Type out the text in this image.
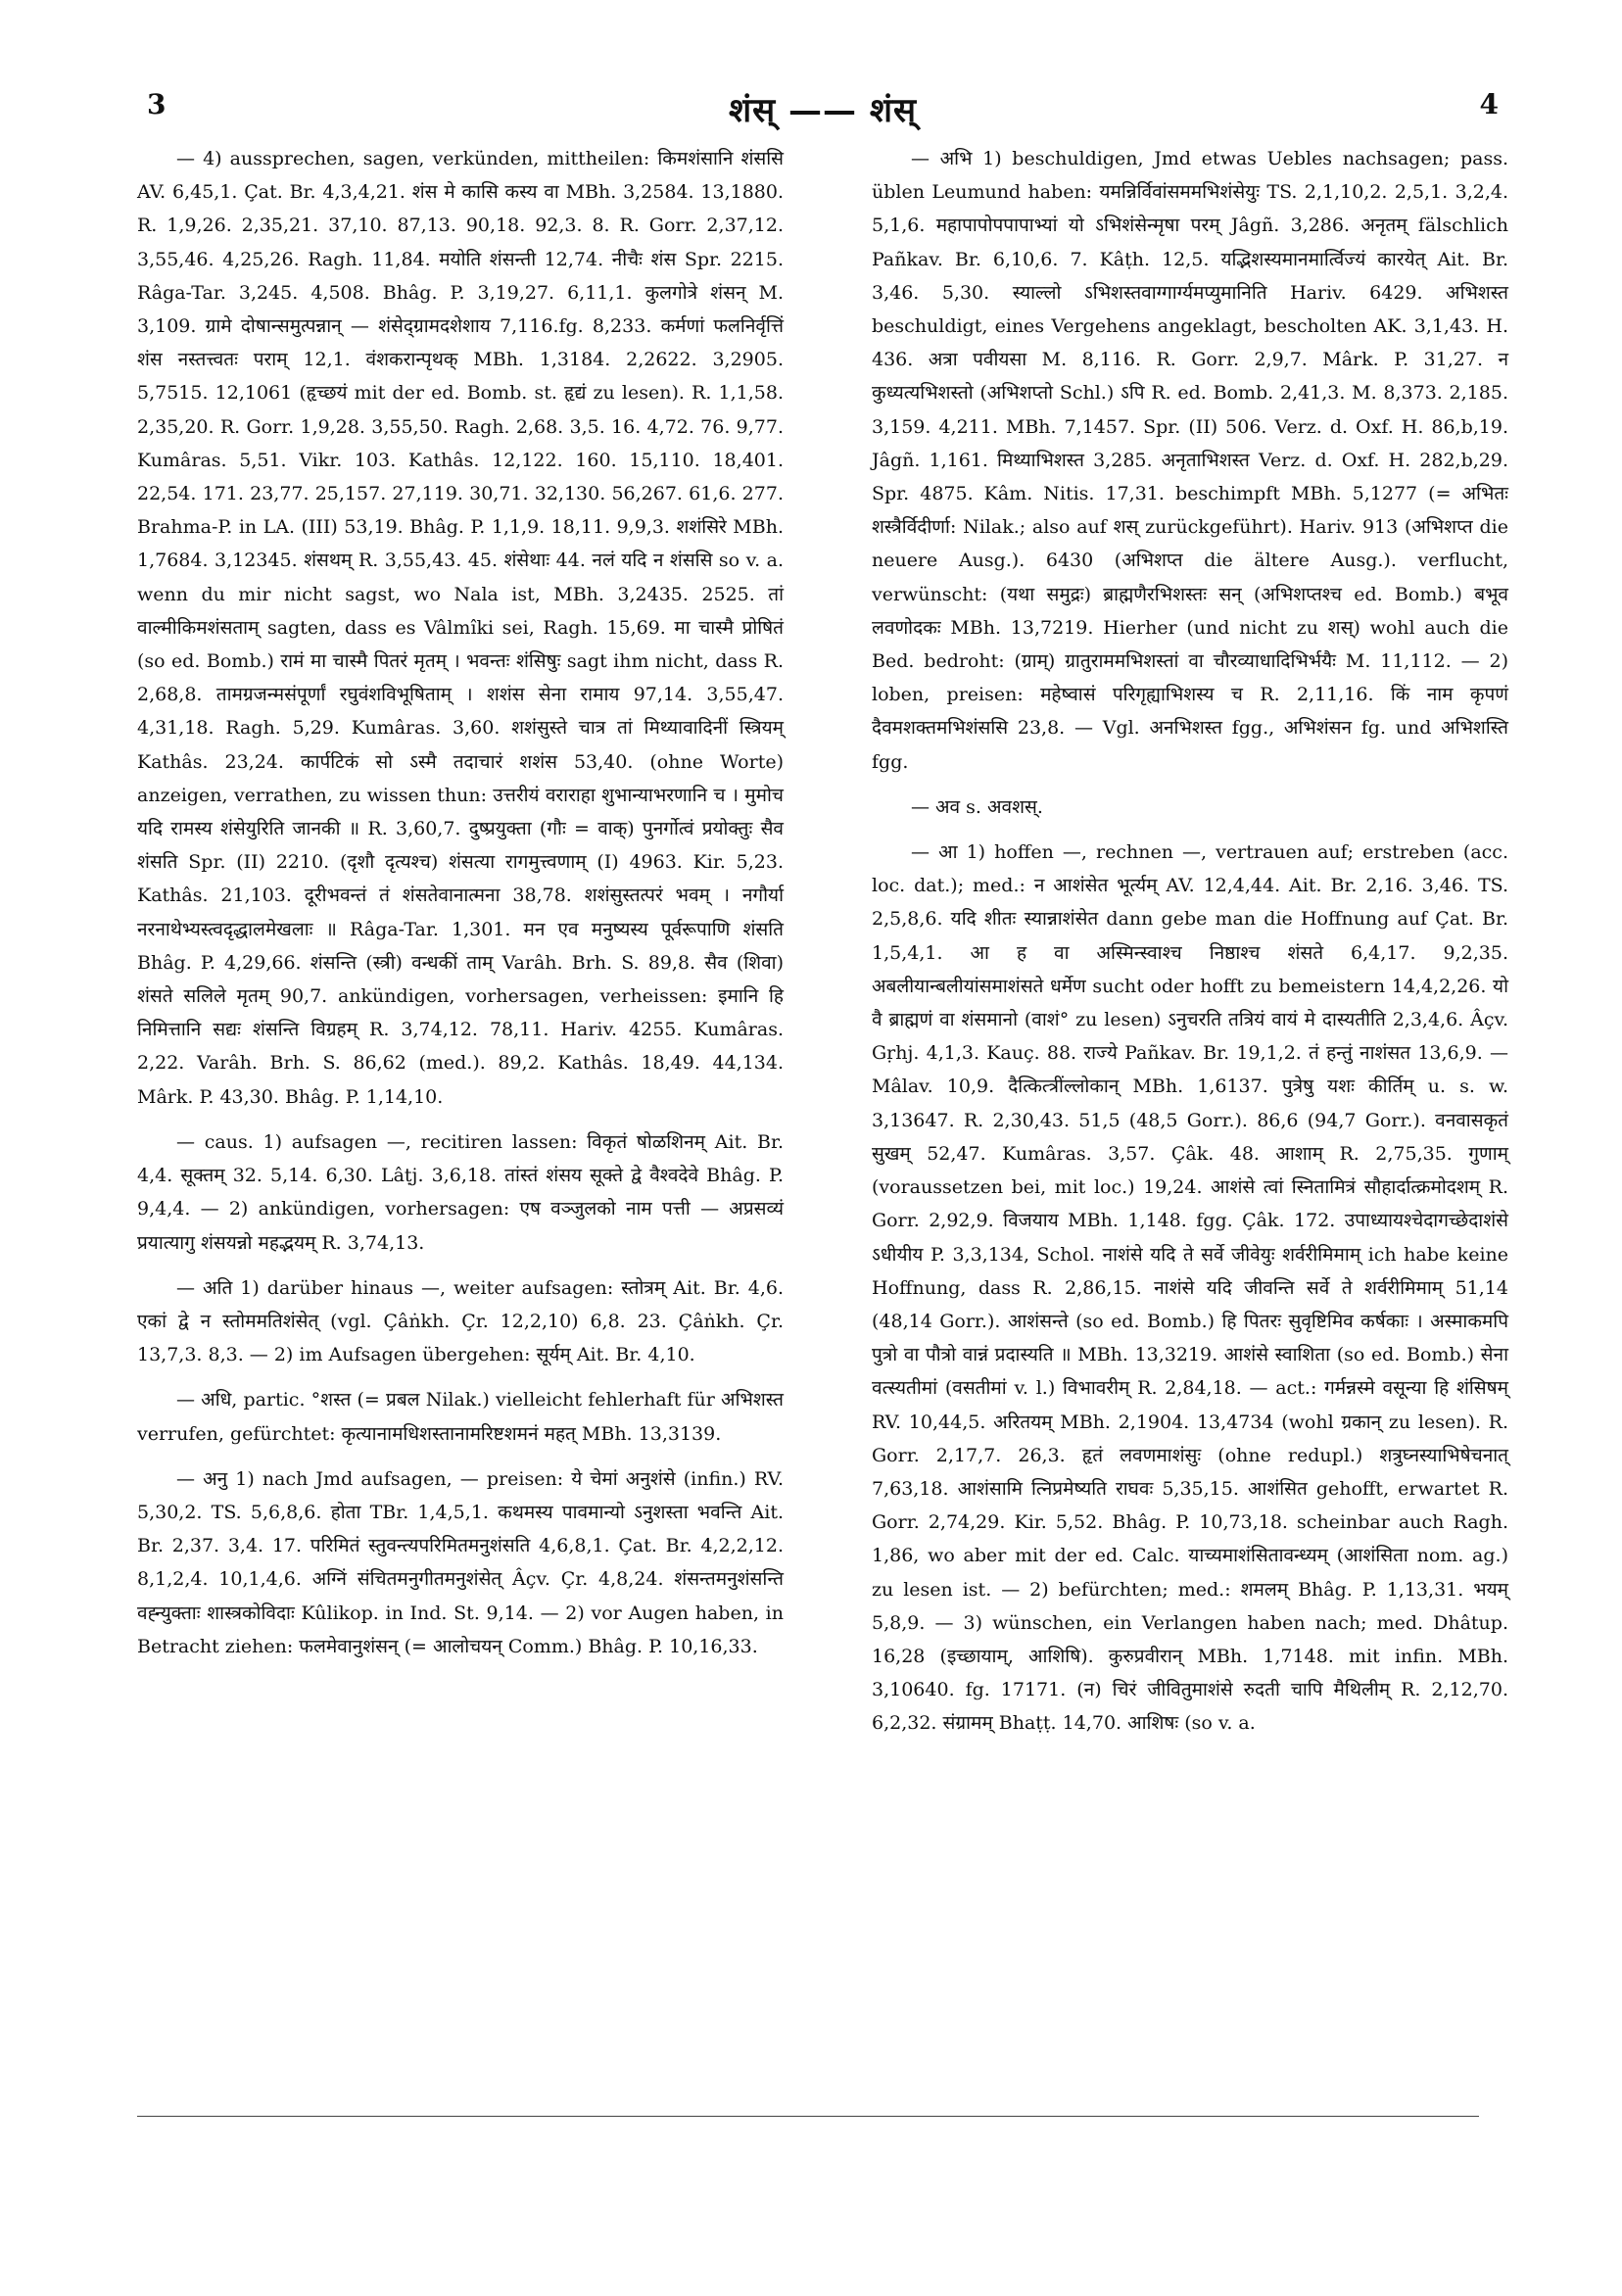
3	शंस् —— शंस्	4

— 4) aussprechen, sagen, verkünden, mittheilen: किमशंसानि शंससि AV. 6,45,1. Çat. Br. 4,3,4,21. शंस मे कासि कस्य वा MBh. 3,2584. 13,1880. R. 1,9,26. 2,35,21. 37,10. 87,13. 90,18. 92,3. 8. R. Gorr. 2,37,12. 3,55,46. 4,25,26. Ragh. 11,84. मयोति शंसन्ती 12,74. नीचैः शंस Spr. 2215. Râga-Tar. 3,245. 4,508. Bhâg. P. 3,19,27. 6,11,1. कुलगोत्रे शंसन् M. 3,109. ग्रामे दोषान्समुत्पन्नान् — शंसेद्ग्रामदशेशाय 7,116.fg. 8,233. कर्मणां फलनिर्वृत्तिं शंस नस्तत्त्वतः पराम् 12,1. वंशकरान्पृथक् MBh. 1,3184. 2,2622. 3,2905. 5,7515. 12,1061 (हृच्छयं mit der ed. Bomb. st. हृद्यं zu lesen). R. 1,1,58. 2,35,20. R. Gorr. 1,9,28. 3,55,50. Ragh. 2,68. 3,5. 16. 4,72. 76. 9,77. Kumâras. 5,51. Vikr. 103. Kathâs. 12,122. 160. 15,110. 18,401. 22,54. 171. 23,77. 25,157. 27,119. 30,71. 32,130. 56,267. 61,6. 277. Brahma-P. in LA. (III) 53,19. Bhâg. P. 1,1,9. 18,11. 9,9,3. शशंसिरे MBh. 1,7684. 3,12345. शंसथम् R. 3,55,43. 45. शंसेथाः 44. नलं यदि न शंससि so v. a. wenn du mir nicht sagst, wo Nala ist, MBh. 3,2435. 2525. तां वाल्मीकिमशंसताम् sagten, dass es Vâlmîki sei, Ragh. 15,69. मा चास्मै प्रोषितं (so ed. Bomb.) रामं मा चास्मै पितरं मृतम् । भवन्तः शंसिषुः sagt ihm nicht, dass R. 2,68,8. तामग्रजन्मसंपूर्णां रघुवंशविभूषिताम् । शशंस सेना रामाय 97,14. 3,55,47. 4,31,18. Ragh. 5,29. Kumâras. 3,60. शशंसुस्ते चात्र तां मिथ्यावादिनीं स्त्रियम् Kathâs. 23,24. कार्पटिकं सो ऽस्मै तदाचारं शशंस 53,40. (ohne Worte) anzeigen, verrathen, zu wissen thun: उत्तरीयं वराराहा शुभान्याभरणानि च । मुमोच यदि रामस्य शंसेयुरिति जानकी ॥ R. 3,60,7. दुष्प्रयुक्ता (गौः = वाक्) पुनर्गोत्वं प्रयोक्तुः सैव शंसति Spr. (II) 2210. (दृशौ दृत्यश्च) शंसत्या रागमुत्त्वणाम् (I) 4963. Kir. 5,23. Kathâs. 21,103. दूरीभवन्तं तं शंसतेवानात्मना 38,78. शशंसुस्तत्परं भवम् । नगौर्या नरनाथेभ्यस्त्वदृद्धालमेखलाः ॥ Râga-Tar. 1,301. मन एव मनुष्यस्य पूर्वरूपाणि शंसति Bhâg. P. 4,29,66. शंसन्ति (स्त्री) वन्धकीं ताम् Varâh. Brh. S. 89,8. सैव (शिवा) शंसते सलिले मृतम् 90,7. ankündigen, vorhersagen, verheissen: इमानि हि निमित्तानि सद्यः शंसन्ति विग्रहम् R. 3,74,12. 78,11. Hariv. 4255. Kumâras. 2,22. Varâh. Brh. S. 86,62 (med.). 89,2. Kathâs. 18,49. 44,134. Mârk. P. 43,30. Bhâg. P. 1,14,10.

— caus. 1) aufsagen —, recitiren lassen: विकृतं षोळशिनम् Ait. Br. 4,4. सूक्तम् 32. 5,14. 6,30. Lâṭj. 3,6,18. तांस्तं शंसय सूक्ते द्वे वैश्वदेवे Bhâg. P. 9,4,4. — 2) ankündigen, vorhersagen: एष वञ्जुलको नाम पत्ती — अप्रसव्यं प्रयात्यागु शंसयन्नो महद्भयम् R. 3,74,13.

— अति 1) darüber hinaus —, weiter aufsagen: स्तोत्रम् Ait. Br. 4,6. एकां द्वे न स्तोममतिशंसेत् (vgl. Çâṅkh. Çr. 12,2,10) 6,8. 23. Çâṅkh. Çr. 13,7,3. 8,3. — 2) im Aufsagen übergehen: सूर्यम् Ait. Br. 4,10.

— अधि, partic. °शस्त (= प्रबल Nilak.) vielleicht fehlerhaft für अभिशस्त verrufen, gefürchtet: कृत्यानामधिशस्तानामरिष्टशमनं महत् MBh. 13,3139.

— अनु 1) nach Jmd aufsagen, — preisen: ये चेमां अनुशंसे (infin.) RV. 5,30,2. TS. 5,6,8,6. होता TBr. 1,4,5,1. कथमस्य पावमान्यो ऽनुशस्ता भवन्ति Ait. Br. 2,37. 3,4. 17. परिमितं स्तुवन्त्यपरिमितमनुशंसति 4,6,8,1. Çat. Br. 4,2,2,12. 8,1,2,4. 10,1,4,6. अग्निं संचितमनुगीतमनुशंसेत् Âçv. Çr. 4,8,24. शंसन्तमनुशंसन्ति वह्न्युक्ताः शास्त्रकोविदाः Kûlikop. in Ind. St. 9,14. — 2) vor Augen haben, in Betracht ziehen: फलमेवानुशंसन् (= आलोचयन् Comm.) Bhâg. P. 10,16,33.

— अभि 1) beschuldigen, Jmd etwas Uebles nachsagen; pass. üblen Leumund haben: यमन्निर्विवांसममभिशंसेयुः TS. 2,1,10,2. 2,5,1. 3,2,4. 5,1,6. महापापोपपापाभ्यां यो ऽभिशंसेन्मृषा परम् Jâgñ. 3,286. अनृतम् fälschlich Pañkav. Br. 6,10,6. 7. Kâṭh. 12,5. यद्भिशस्यमानमार्त्विज्यं कारयेत् Ait. Br. 3,46. 5,30. स्याल्लो ऽभिशस्तवाग्गार्ग्यमप्युमानिति Hariv. 6429. अभिशस्त beschuldigt, eines Vergehens angeklagt, bescholten AK. 3,1,43. H. 436. अत्रा पवीयसा M. 8,116. R. Gorr. 2,9,7. Mârk. P. 31,27. न कुध्यत्यभिशस्तो (अभिशप्तो Schl.) ऽपि R. ed. Bomb. 2,41,3. M. 8,373. 2,185. 3,159. 4,211. MBh. 7,1457. Spr. (II) 506. Verz. d. Oxf. H. 86,b,19. Jâgñ. 1,161. मिथ्याभिशस्त 3,285. अनृताभिशस्त Verz. d. Oxf. H. 282,b,29. Spr. 4875. Kâm. Nitis. 17,31. beschimpft MBh. 5,1277 (= अभितः शस्त्रैर्विदीर्णा: Nilak.; also auf शस् zurückgeführt). Hariv. 913 (अभिशप्त die neuere Ausg.). 6430 (अभिशप्त die ältere Ausg.). verflucht, verwünscht: (यथा समुद्रः) ब्राह्मणैरभिशस्तः सन् (अभिशप्तश्च ed. Bomb.) बभूव लवणोदकः MBh. 13,7219. Hierher (und nicht zu शस्) wohl auch die Bed. bedroht: (ग्राम्) ग्रातुराममभिशस्तां वा चौरव्याधादिभिर्भयैः M. 11,112. — 2) loben, preisen: महेष्वासं परिगृह्याभिशस्य च R. 2,11,16. किं नाम कृपणं दैवमशक्तमभिशंससि 23,8. — Vgl. अनभिशस्त fgg., अभिशंसन fg. und अभिशस्ति fgg.

— अव s. अवशस्.

— आ 1) hoffen —, rechnen —, vertrauen auf; erstreben (acc. loc. dat.); med.: न आशंसेत भूर्त्यम् AV. 12,4,44. Ait. Br. 2,16. 3,46. TS. 2,5,8,6. यदि शीतः स्यान्नाशंसेत dann gebe man die Hoffnung auf Çat. Br. 1,5,4,1. आ ह वा अस्मिन्स्वाश्च निष्ठाश्च शंसते 6,4,17. 9,2,35. अबलीयान्बलीयांसमाशंसते धर्मेण sucht oder hofft zu bemeistern 14,4,2,26. यो वै ब्राह्मणं वा शंसमानो (वाशं° zu lesen) ऽनुचरति तत्रियं वायं मे दास्यतीति 2,3,4,6. Âçv. Gṛhj. 4,1,3. Kauç. 88. राज्ये Pañkav. Br. 19,1,2. तं हन्तुं नाशंसत 13,6,9. — Mâlav. 10,9. दैत्कित्त्रींल्लोकान् MBh. 1,6137. पुत्रेषु यशः कीर्तिम् u. s. w. 3,13647. R. 2,30,43. 51,5 (48,5 Gorr.). 86,6 (94,7 Gorr.). वनवासकृतं सुखम् 52,47. Kumâras. 3,57. Çâk. 48. आशाम् R. 2,75,35. गुणाम् (voraussetzen bei, mit loc.) 19,24. आशंसे त्वां स्नितामित्रं सौहार्दात्क्रमोदशम् R. Gorr. 2,92,9. विजयाय MBh. 1,148. fgg. Çâk. 172. उपाध्यायश्चेदागच्छेदाशंसे ऽधीयीय P. 3,3,134, Schol. नाशंसे यदि ते सर्वे जीवेयुः शर्वरीमिमाम् ich habe keine Hoffnung, dass R. 2,86,15. नाशंसे यदि जीवन्ति सर्वे ते शर्वरीमिमाम् 51,14 (48,14 Gorr.). आशंसन्ते (so ed. Bomb.) हि पितरः सुवृष्टिमिव कर्षकाः । अस्माकमपि पुत्रो वा पौत्रो वान्नं प्रदास्यति ॥ MBh. 13,3219. आशंसे स्वाशिता (so ed. Bomb.) सेना वत्स्यतीमां (वसतीमां v. l.) विभावरीम् R. 2,84,18. — act.: गर्मन्नस्मे वसून्या हि शंसिषम् RV. 10,44,5. अरितयम् MBh. 2,1904. 13,4734 (wohl ग्रकान् zu lesen). R. Gorr. 2,17,7. 26,3. हृतं लवणमाशंसुः (ohne redupl.) शत्रुघ्नस्याभिषेचनात् 7,63,18. आशंसामि त्निप्रमेष्यति राघवः 5,35,15. आशंसित gehofft, erwartet R. Gorr. 2,74,29. Kir. 5,52. Bhâg. P. 10,73,18. scheinbar auch Ragh. 1,86, wo aber mit der ed. Calc. याच्यमाशंसितावन्ध्यम् (आशंसिता nom. ag.) zu lesen ist. — 2) befürchten; med.: शमलम् Bhâg. P. 1,13,31. भयम् 5,8,9. — 3) wünschen, ein Verlangen haben nach; med. Dhâtup. 16,28 (इच्छायाम्, आशिषि). कुरुप्रवीरान् MBh. 1,7148. mit infin. MBh. 3,10640. fg. 17171. (न) चिरं जीवितुमाशंसे रुदती चापि मैथिलीम् R. 2,12,70. 6,2,32. संग्रामम् Bhaṭṭ. 14,70. आशिषः (so v. a.
